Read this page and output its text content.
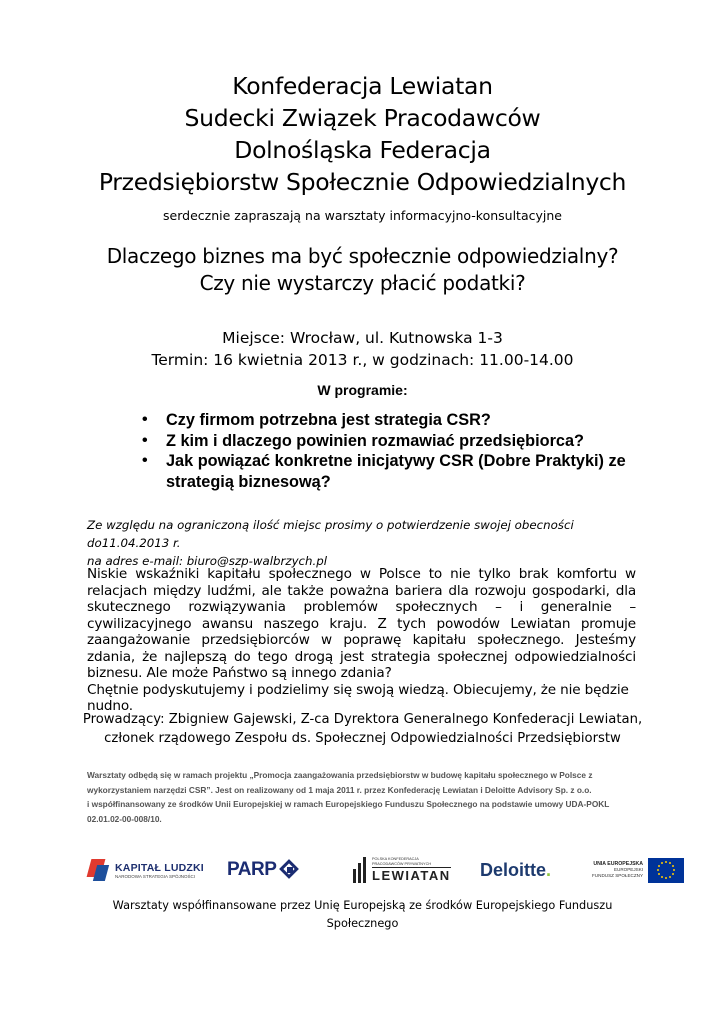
Konfederacja Lewiatan
Sudecki Związek Pracodawców
Dolnośląska Federacja
Przedsiębiorstw Społecznie Odpowiedzialnych
serdecznie zapraszają na warsztaty informacyjno-konsultacyjne
Dlaczego biznes ma być społecznie odpowiedzialny?
Czy nie wystarczy płacić podatki?
Miejsce: Wrocław, ul. Kutnowska 1-3
Termin: 16 kwietnia 2013 r., w godzinach: 11.00-14.00
W programie:
• Czy firmom potrzebna jest strategia CSR?
• Z kim i dlaczego powinien rozmawiać przedsiębiorca?
• Jak powiązać konkretne inicjatywy CSR (Dobre Praktyki) ze strategią biznesową?
Ze względu na ograniczoną ilość miejsc prosimy o potwierdzenie swojej obecności do11.04.2013 r.
na adres e-mail: biuro@szp-walbrzych.pl

Niskie wskaźniki kapitału społecznego w Polsce to nie tylko brak komfortu w relacjach między ludźmi, ale także poważna bariera dla rozwoju gospodarki, dla skutecznego rozwiązywania problemów społecznych – i generalnie – cywilizacyjnego awansu naszego kraju. Z tych powodów Lewiatan promuje zaangażowanie przedsiębiorców w poprawę kapitału społecznego. Jesteśmy zdania, że najlepszą do tego drogą jest strategia społecznej odpowiedzialności biznesu. Ale może Państwo są innego zdania?

Chętnie podyskutujemy i podzielimy się swoją wiedzą. Obiecujemy, że nie będzie nudno.

Prowadzący: Zbigniew Gajewski, Z-ca Dyrektora Generalnego Konfederacji Lewiatan,
członek rządowego Zespołu ds. Społecznej Odpowiedzialności Przedsiębiorstw
Warsztaty odbędą się w ramach projektu „Promocja zaangażowania przedsiębiorstw w budowę kapitału społecznego w Polsce z
wykorzystaniem narzędzi CSR”. Jest on realizowany od 1 maja 2011 r. przez Konfederację Lewiatan i Deloitte Advisory Sp. z o.o.
i współfinansowany ze środków Unii Europejskiej w ramach Europejskiego Funduszu Społecznego na podstawie umowy UDA-POKL
02.01.02-00-008/10.
KAPITAŁ LUDZKI
NARODOWA STRATEGIA SPÓJNOŚCI	PARP	POLSKA KONFEDERACJA
PRACODAWCÓW PRYWATNYCH
LEWIATAN Deloitte.	UNIA EUROPEJSKA
EUROPEJSKI
FUNDUSZ SPOŁECZNY
Warsztaty współfinansowane przez Unię Europejską ze środków Europejskiego Funduszu
Społecznego
